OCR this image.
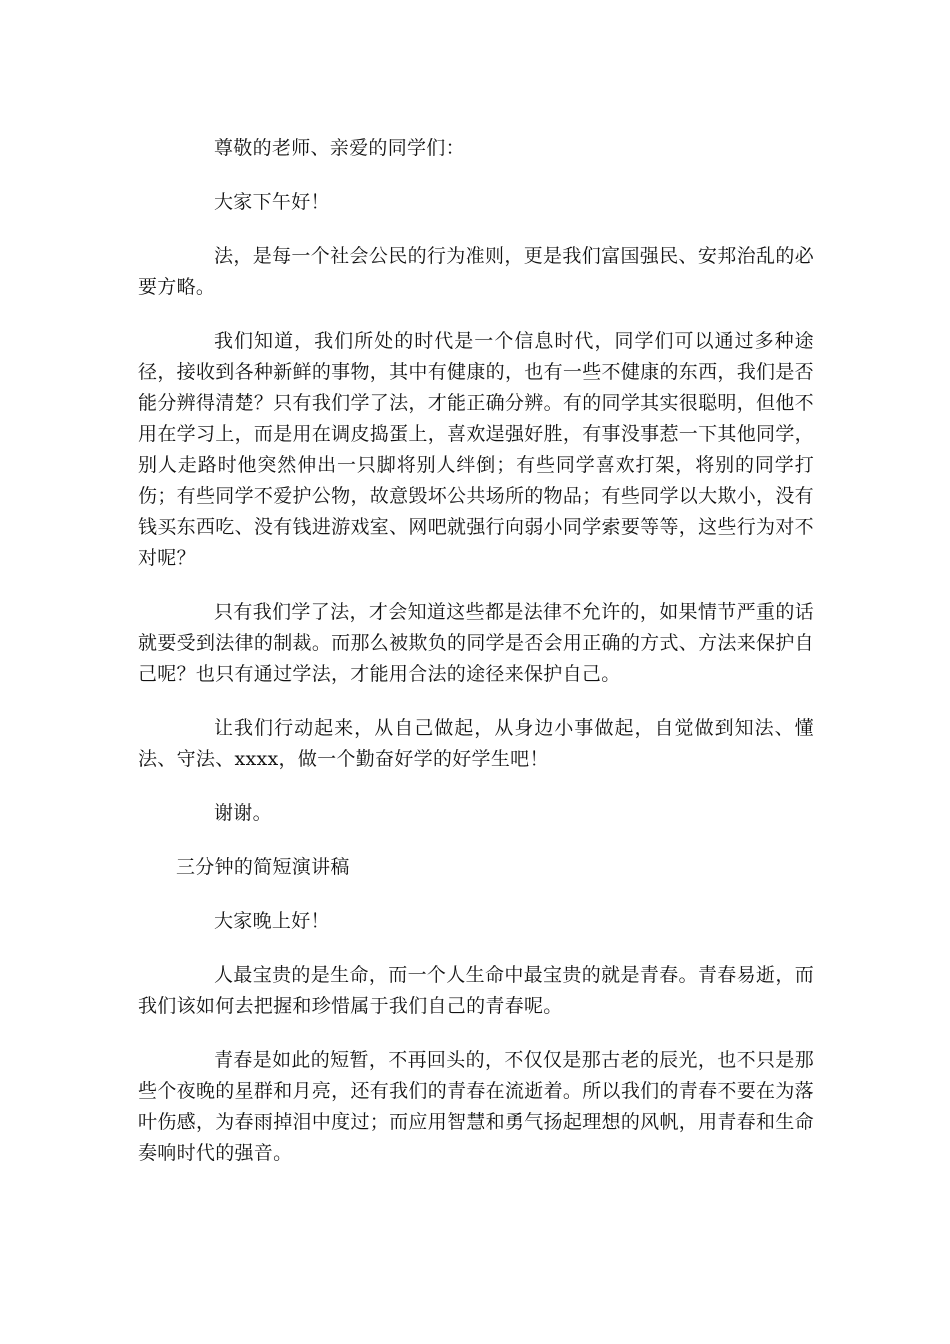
尊敬的老师、亲爱的同学们：

大家下午好！

法，是每一个社会公民的行为准则，更是我们富国强民、安邦治乱的必要方略。

我们知道，我们所处的时代是一个信息时代，同学们可以通过多种途径，接收到各种新鲜的事物，其中有健康的，也有一些不健康的东西，我们是否能分辨得清楚？只有我们学了法，才能正确分辨。有的同学其实很聪明，但他不用在学习上，而是用在调皮捣蛋上，喜欢逞强好胜，有事没事惹一下其他同学，别人走路时他突然伸出一只脚将别人绊倒；有些同学喜欢打架，将别的同学打伤；有些同学不爱护公物，故意毁坏公共场所的物品；有些同学以大欺小，没有钱买东西吃、没有钱进游戏室、网吧就强行向弱小同学索要等等，这些行为对不对呢？

只有我们学了法，才会知道这些都是法律不允许的，如果情节严重的话就要受到法律的制裁。而那么被欺负的同学是否会用正确的方式、方法来保护自己呢？也只有通过学法，才能用合法的途径来保护自己。

让我们行动起来，从自己做起，从身边小事做起，自觉做到知法、懂法、守法、xxxx，做一个勤奋好学的好学生吧！

谢谢。

三分钟的简短演讲稿

大家晚上好！

人最宝贵的是生命，而一个人生命中最宝贵的就是青春。青春易逝，而我们该如何去把握和珍惜属于我们自己的青春呢。

青春是如此的短暂，不再回头的，不仅仅是那古老的辰光，也不只是那些个夜晚的星群和月亮，还有我们的青春在流逝着。所以我们的青春不要在为落叶伤感，为春雨掉泪中度过；而应用智慧和勇气扬起理想的风帆，用青春和生命奏响时代的强音。
